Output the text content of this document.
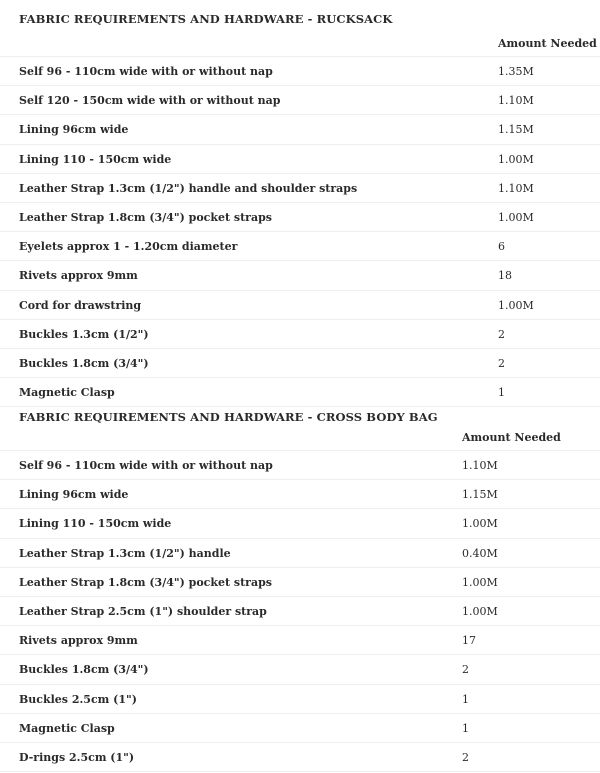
FABRIC REQUIREMENTS AND HARDWARE - RUCKSACK
Amount Needed
Self 96 - 110cm wide with or without nap	1.35M
Self 120 - 150cm wide with or without nap	1.10M
Lining 96cm wide	1.15M
Lining 110 - 150cm wide	1.00M
Leather Strap 1.3cm (1/2") handle and shoulder straps	1.10M
Leather Strap 1.8cm (3/4") pocket straps	1.00M
Eyelets approx 1 - 1.20cm diameter	6
Rivets approx 9mm	18
Cord for drawstring	1.00M
Buckles 1.3cm (1/2")	2
Buckles 1.8cm (3/4")	2
Magnetic Clasp	1
FABRIC REQUIREMENTS AND HARDWARE - CROSS BODY BAG
Amount Needed
Self 96 - 110cm wide with or without nap	1.10M
Lining 96cm wide	1.15M
Lining 110 - 150cm wide	1.00M
Leather Strap 1.3cm (1/2") handle	0.40M
Leather Strap 1.8cm (3/4") pocket straps	1.00M
Leather Strap 2.5cm (1") shoulder strap	1.00M
Rivets approx 9mm	17
Buckles 1.8cm (3/4")	2
Buckles 2.5cm (1")	1
Magnetic Clasp	1
D-rings 2.5cm (1")	2
